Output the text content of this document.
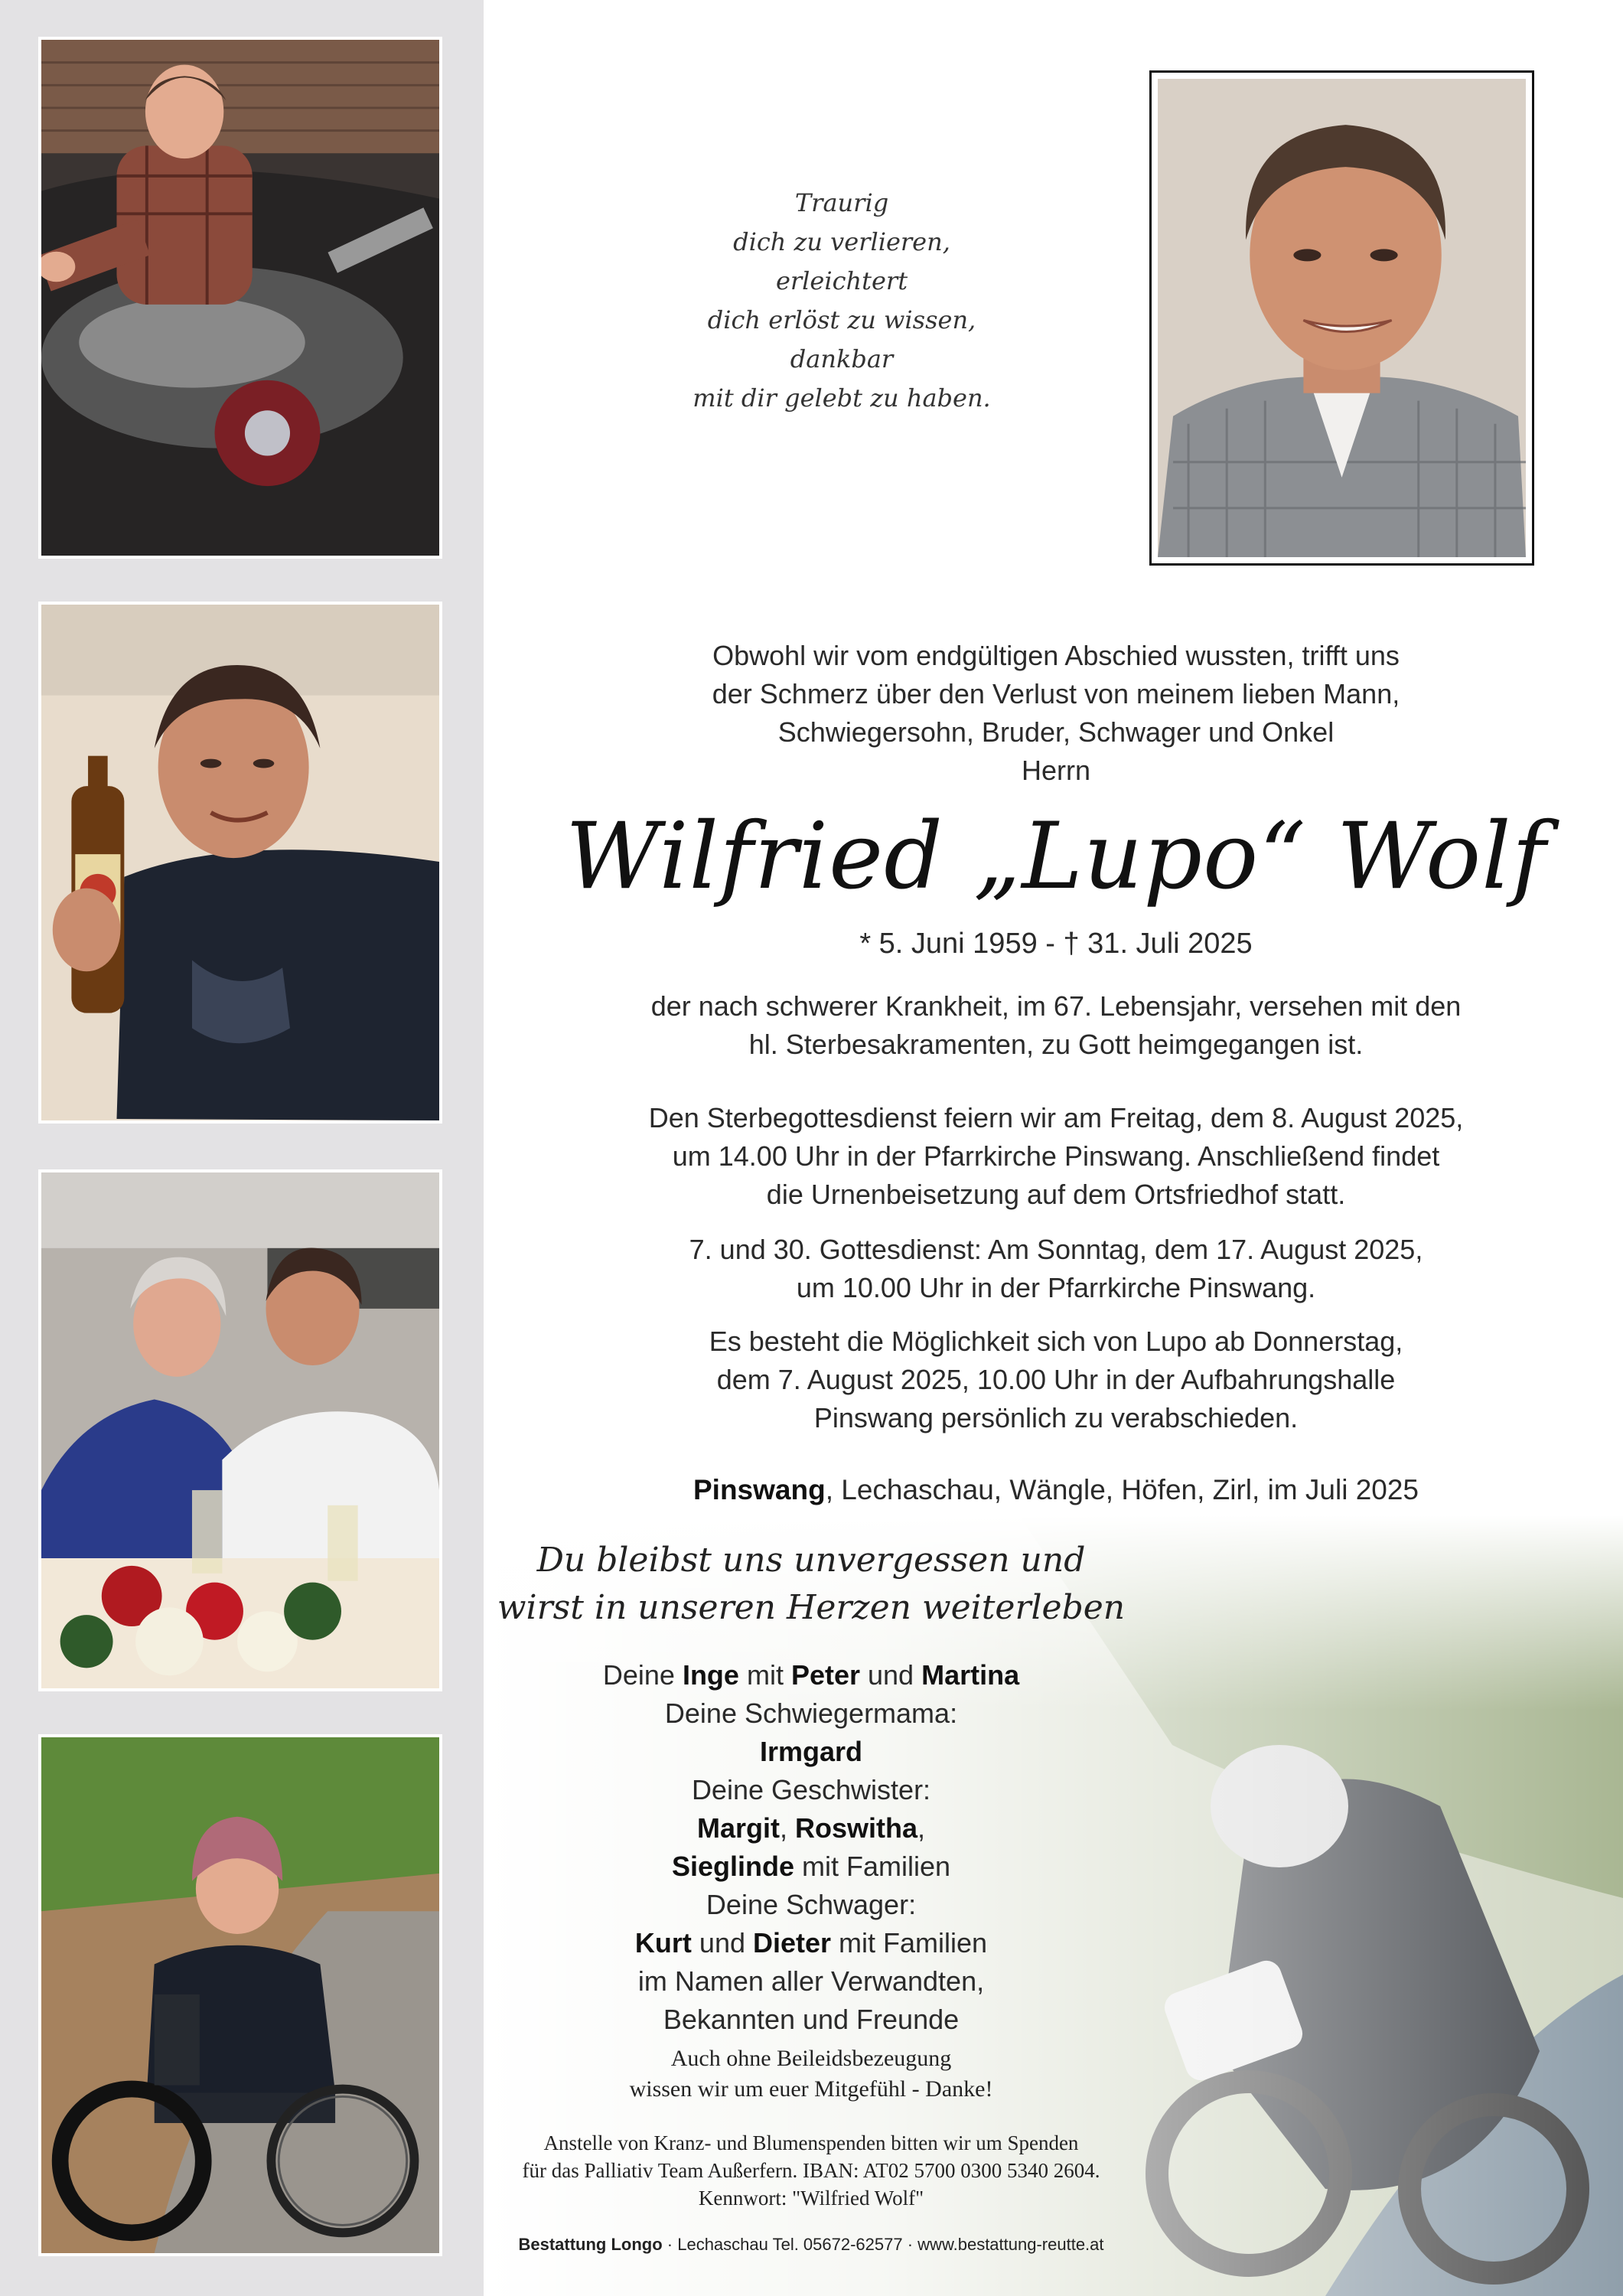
Traurig
dich zu verlieren,
erleichtert
dich erlöst zu wissen,
dankbar
mit dir gelebt zu haben.
Obwohl wir vom endgültigen Abschied wussten, trifft uns
der Schmerz über den Verlust von meinem lieben Mann,
Schwiegersohn, Bruder, Schwager und Onkel
Herrn
Wilfried „Lupo“ Wolf
* 5. Juni 1959 - † 31. Juli 2025
der nach schwerer Krankheit, im 67. Lebensjahr, versehen mit den
hl. Sterbesakramenten, zu Gott heimgegangen ist.
Den Sterbegottesdienst feiern wir am Freitag, dem 8. August 2025,
um 14.00 Uhr in der Pfarrkirche Pinswang. Anschließend findet
die Urnenbeisetzung auf dem Ortsfriedhof statt.
7. und 30. Gottesdienst: Am Sonntag, dem 17. August 2025,
um 10.00 Uhr in der Pfarrkirche Pinswang.
Es besteht die Möglichkeit sich von Lupo ab Donnerstag,
dem 7. August 2025, 10.00 Uhr in der Aufbahrungshalle
Pinswang persönlich zu verabschieden.
Pinswang, Lechaschau, Wängle, Höfen, Zirl, im Juli 2025
Du bleibst uns unvergessen und
wirst in unseren Herzen weiterleben
Deine Inge mit Peter und Martina
Deine Schwiegermama:
Irmgard
Deine Geschwister:
Margit, Roswitha,
Sieglinde mit Familien
Deine Schwager:
Kurt und Dieter mit Familien
im Namen aller Verwandten,
Bekannten und Freunde
Auch ohne Beileidsbezeugung
wissen wir um euer Mitgefühl - Danke!
Anstelle von Kranz- und Blumenspenden bitten wir um Spenden
für das Palliativ Team Außerfern. IBAN: AT02 5700 0300 5340 2604.
Kennwort: "Wilfried Wolf"
Bestattung Longo · Lechaschau Tel. 05672-62577 · www.bestattung-reutte.at
